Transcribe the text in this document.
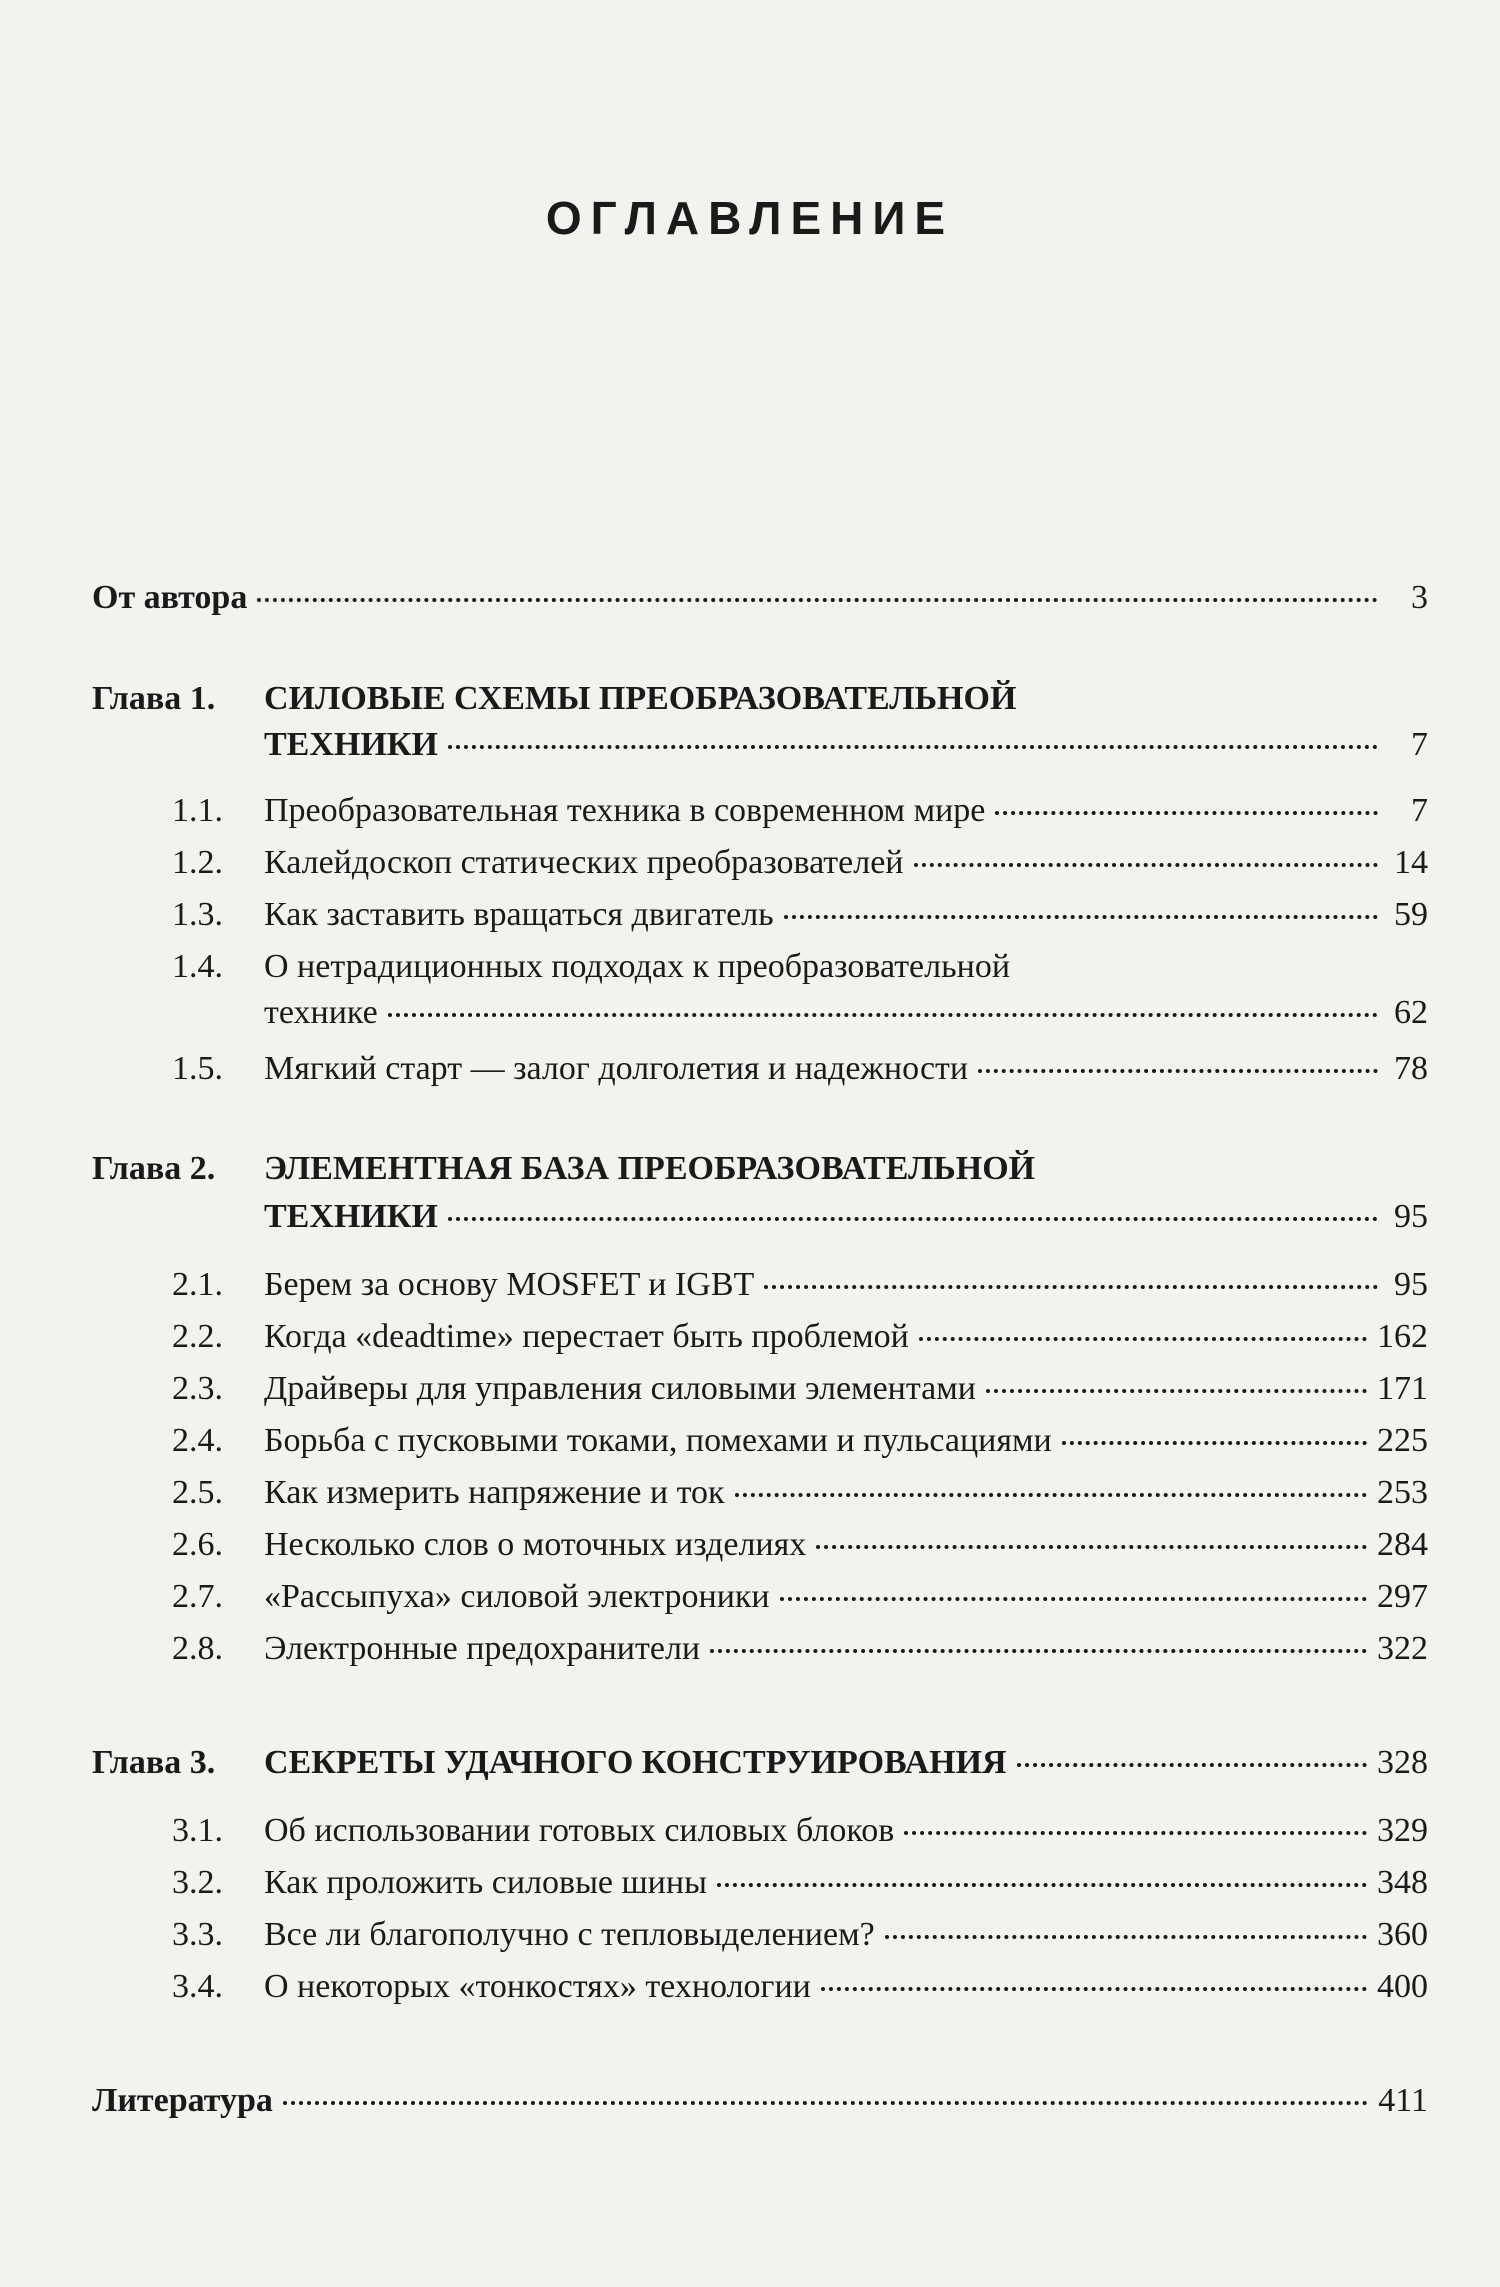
ОГЛАВЛЕНИЕ
От автора	3
Глава 1. СИЛОВЫЕ СХЕМЫ ПРЕОБРАЗОВАТЕЛЬНОЙ
ТЕХНИКИ	7
1.1. Преобразовательная техника в современном мире	7
1.2. Калейдоскоп статических преобразователей	14
1.3. Как заставить вращаться двигатель	59
1.4. О нетрадиционных подходах к преобразовательной
технике	62
1.5. Мягкий старт — залог долголетия и надежности	78
Глава 2. ЭЛЕМЕНТНАЯ БАЗА ПРЕОБРАЗОВАТЕЛЬНОЙ
ТЕХНИКИ	95
2.1. Берем за основу MOSFET и IGBT	95
2.2. Когда «deadtime» перестает быть проблемой	162
2.3. Драйверы для управления силовыми элементами	171
2.4. Борьба с пусковыми токами, помехами и пульсациями	225
2.5. Как измерить напряжение и ток	253
2.6. Несколько слов о моточных изделиях	284
2.7. «Рассыпуха» силовой электроники	297
2.8. Электронные предохранители	322
Глава 3. СЕКРЕТЫ УДАЧНОГО КОНСТРУИРОВАНИЯ	328
3.1. Об использовании готовых силовых блоков	329
3.2. Как проложить силовые шины	348
3.3. Все ли благополучно с тепловыделением?	360
3.4. О некоторых «тонкостях» технологии	400
Литература	411
